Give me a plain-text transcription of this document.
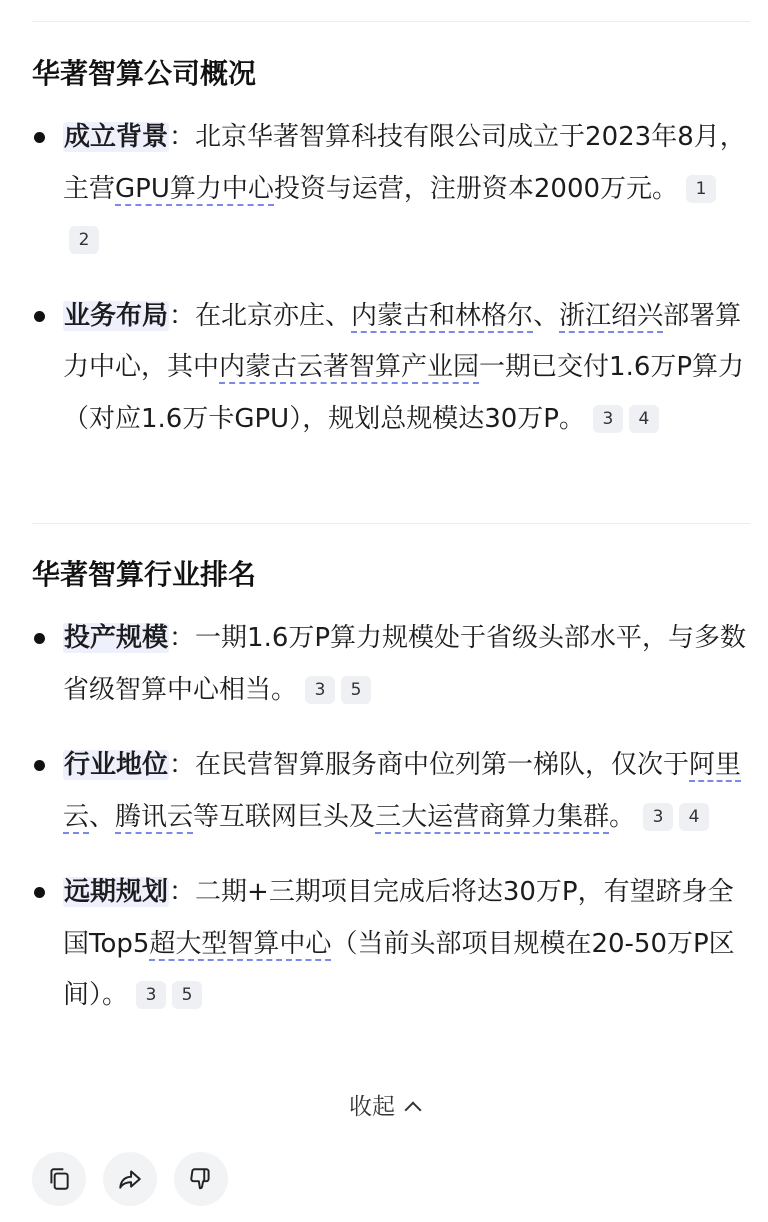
华著智算公司概况
成立背景：北京华著智算科技有限公司成立于2023年8月，主营GPU算力中心投资与运营，注册资本2000万元。 12
业务布局：在北京亦庄、内蒙古和林格尔、浙江绍兴部署算力中心，其中内蒙古云著智算产业园一期已交付1.6万P算力（对应1.6万卡GPU），规划总规模达30万P。 3 4
华著智算行业排名
投产规模：一期1.6万P算力规模处于省级头部水平，与多数省级智算中心相当。 3 5
行业地位：在民营智算服务商中位列第一梯队，仅次于阿里云、腾讯云等互联网巨头及三大运营商算力集群。 3 4
远期规划：二期+三期项目完成后将达30万P，有望跻身全国Top5超大型智算中心（当前头部项目规模在20-50万P区间）。 3 5
收起
